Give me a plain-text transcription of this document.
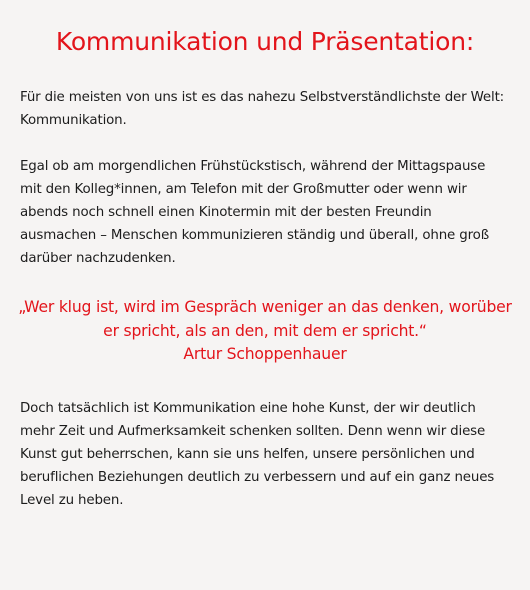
Kommunikation und Präsentation:

Für die meisten von uns ist es das nahezu Selbstverständlichste der Welt: Kommunikation.

Egal ob am morgendlichen Frühstückstisch, während der Mittagspause mit den Kolleg*innen, am Telefon mit der Großmutter oder wenn wir abends noch schnell einen Kinotermin mit der besten Freundin ausmachen – Menschen kommunizieren ständig und überall, ohne groß darüber nachzudenken.

„Wer klug ist, wird im Gespräch weniger an das denken, worüber er spricht, als an den, mit dem er spricht.“
Artur Schoppenhauer

Doch tatsächlich ist Kommunikation eine hohe Kunst, der wir deutlich mehr Zeit und Aufmerksamkeit schenken sollten. Denn wenn wir diese Kunst gut beherrschen, kann sie uns helfen, unsere persönlichen und beruflichen Beziehungen deutlich zu verbessern und auf ein ganz neues Level zu heben.
